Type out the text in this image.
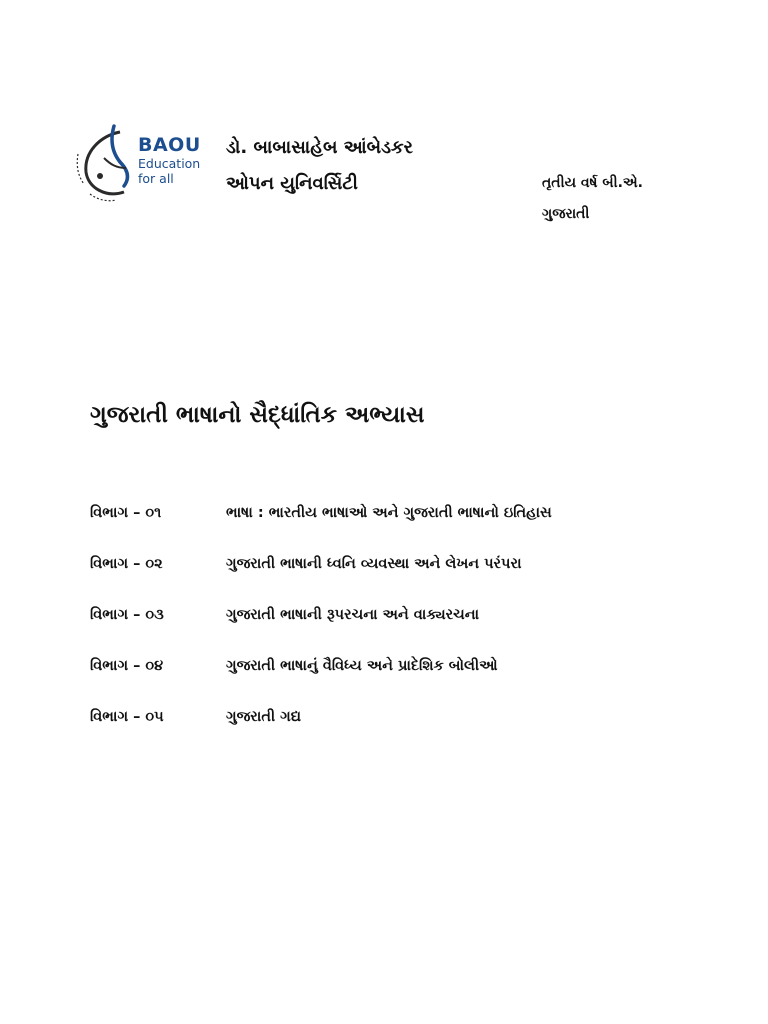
BAOU
Education
for all
ડો. બાબાસાહેબ આંબેડકર
ઓપન યુનિવર્સિટી	તૃતીય વર્ષ બી.એ.
ગુજરાતી
ગુજરાતી ભાષાનો સૈદ્ધાંતિક અભ્યાસ
વિભાગ – ૦૧	ભાષા : ભારતીય ભાષાઓ અને ગુજરાતી ભાષાનો ઇતિહાસ
વિભાગ – ૦૨	ગુજરાતી ભાષાની ધ્વનિ વ્યવસ્થા અને લેખન પરંપરા
વિભાગ – ૦૩	ગુજરાતી ભાષાની રૂપરચના અને વાક્યરચના
વિભાગ – ૦૪	ગુજરાતી ભાષાનું વૈવિધ્ય અને પ્રાદેશિક બોલીઓ
વિભાગ – ૦૫	ગુજરાતી ગદ્ય
